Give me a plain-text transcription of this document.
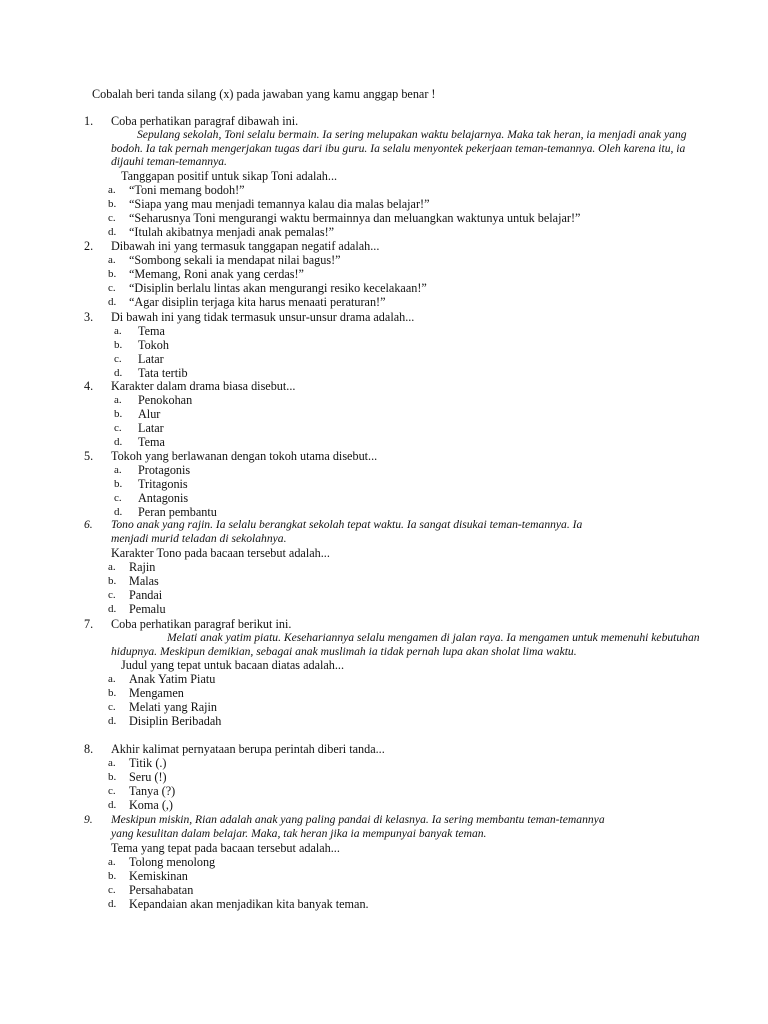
Cobalah beri tanda silang (x) pada jawaban yang kamu anggap benar !
1.	Coba perhatikan paragraf dibawah ini.
Sepulang sekolah, Toni selalu bermain. Ia sering melupakan waktu belajarnya. Maka tak heran, ia menjadi anak yang bodoh. Ia tak pernah mengerjakan tugas dari ibu guru. Ia selalu menyontek pekerjaan teman-temannya. Oleh karena itu, ia dijauhi teman-temannya.
Tanggapan positif untuk sikap Toni adalah...
a. “Toni memang bodoh!”
b. “Siapa yang mau menjadi temannya kalau dia malas belajar!”
c. “Seharusnya Toni mengurangi waktu bermainnya dan meluangkan waktunya untuk belajar!”
d. “Itulah akibatnya menjadi anak pemalas!”
2.	Dibawah ini yang termasuk tanggapan negatif adalah...
a. “Sombong sekali ia mendapat nilai bagus!”
b. “Memang, Roni anak yang cerdas!”
c. “Disiplin berlalu lintas akan mengurangi resiko kecelakaan!”
d. “Agar disiplin terjaga kita harus menaati peraturan!”
3.	Di bawah ini yang tidak termasuk unsur-unsur drama adalah...
a. Tema
b. Tokoh
c. Latar
d. Tata tertib
4.	Karakter dalam drama biasa disebut...
a. Penokohan
b. Alur
c. Latar
d. Tema
5.	Tokoh yang berlawanan dengan tokoh utama disebut...
a. Protagonis
b. Tritagonis
c. Antagonis
d. Peran pembantu
6.	Tono anak yang rajin. Ia selalu berangkat sekolah tepat waktu. Ia sangat disukai teman-temannya. Ia
menjadi murid teladan di sekolahnya.
Karakter Tono pada bacaan tersebut adalah...
a. Rajin
b. Malas
c. Pandai
d. Pemalu
7.	Coba perhatikan paragraf berikut ini.
Melati anak yatim piatu. Kesehariannya selalu mengamen di jalan raya. Ia mengamen untuk memenuhi kebutuhan hidupnya. Meskipun demikian, sebagai anak muslimah ia tidak pernah lupa akan sholat lima waktu.
Judul yang tepat untuk bacaan diatas adalah...
a. Anak Yatim Piatu
b. Mengamen
c. Melati yang Rajin
d. Disiplin Beribadah
8.	Akhir kalimat pernyataan berupa perintah diberi tanda...
a. Titik (.)
b. Seru (!)
c. Tanya (?)
d. Koma (,)
9.	Meskipun miskin, Rian adalah anak yang paling pandai di kelasnya. Ia sering membantu teman-temannya
yang kesulitan dalam belajar. Maka, tak heran jika ia mempunyai banyak teman.
Tema yang tepat pada bacaan tersebut adalah...
a. Tolong menolong
b. Kemiskinan
c. Persahabatan
d. Kepandaian akan menjadikan kita banyak teman.
